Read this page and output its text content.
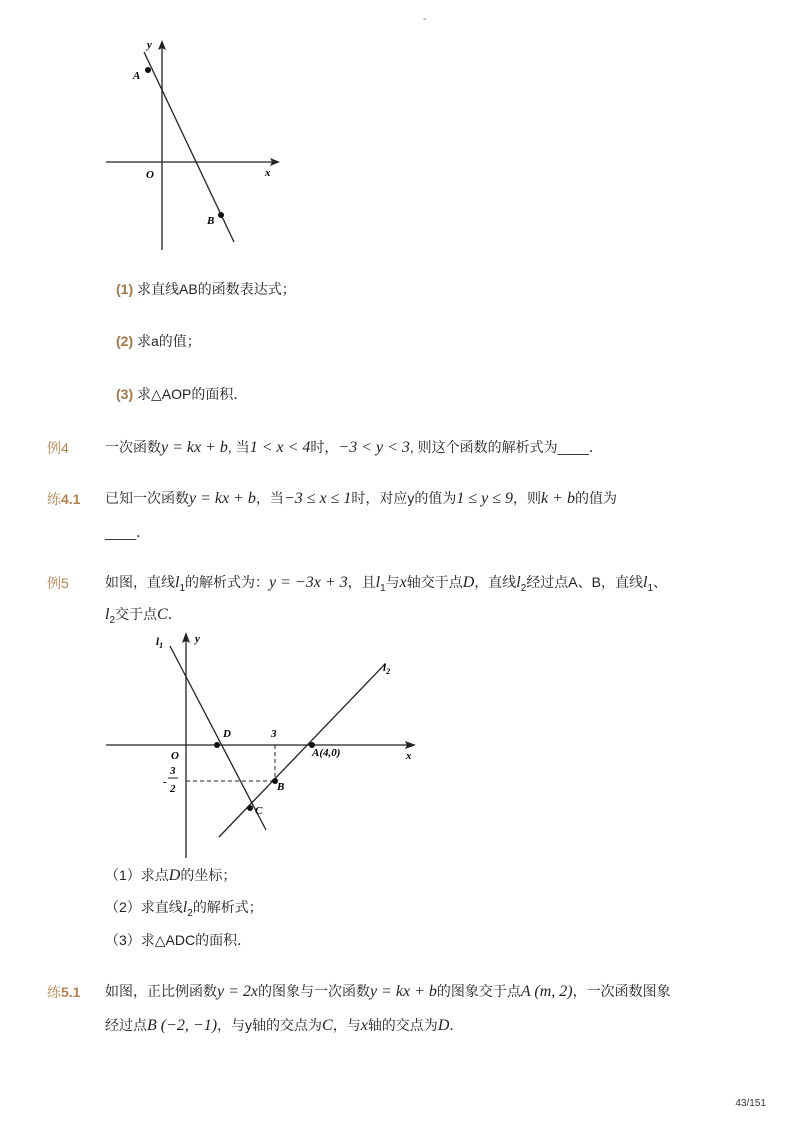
-
y
x
O
A
B
(1) 求直线AB的函数表达式；
(2) 求a的值；
(3) 求△AOP的面积．
例4	一次函数y = kx + b, 当1 < x < 4时，−3 < y < 3, 则这个函数的解析式为____．
练4.1 已知一次函数y = kx + b，当−3 ≤ x ≤ 1时，对应y的值为1 ≤ y ≤ 9，则k + b的值为
____．
例5	如图，直线$l_1$的解析式为：y = −3x + 3，且$l_1$与x轴交于点D，直线$l_2$经过点A、B，直线$l_1$、
$l_2$交于点C．
$l_1$
$l_2$
y
x
O
D	3
A(4,0)
B
C
-
3
2
（1）求点D的坐标；
（2）求直线$l_2$的解析式；
（3）求△ADC的面积．
练5.1 如图，正比例函数y = 2x的图象与一次函数y = kx + b的图象交于点A (m, 2)，一次函数图象
经过点B (−2, −1)，与y轴的交点为C，与x轴的交点为D．
43/151
